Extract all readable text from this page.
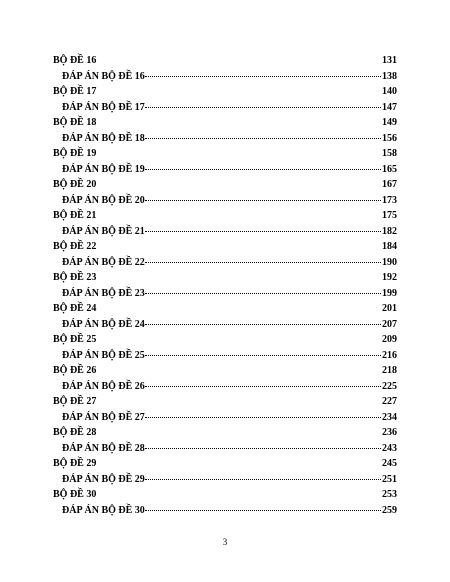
BỘ ĐỀ 16	131
ĐÁP ÁN BỘ ĐỀ 16	138
BỘ ĐỀ 17	140
ĐÁP ÁN BỘ ĐỀ 17	147
BỘ ĐỀ 18	149
ĐÁP ÁN BỘ ĐỀ 18	156
BỘ ĐỀ 19	158
ĐÁP ÁN BỘ ĐỀ 19	165
BỘ ĐỀ 20	167
ĐÁP ÁN BỘ ĐỀ 20	173
BỘ ĐỀ 21	175
ĐÁP ÁN BỘ ĐỀ 21	182
BỘ ĐỀ 22	184
ĐÁP ÁN BỘ ĐỀ 22	190
BỘ ĐỀ 23	192
ĐÁP ÁN BỘ ĐỀ 23	199
BỘ ĐỀ 24	201
ĐÁP ÁN BỘ ĐỀ 24	207
BỘ ĐỀ 25	209
ĐÁP ÁN BỘ ĐỀ 25	216
BỘ ĐỀ 26	218
ĐÁP ÁN BỘ ĐỀ 26	225
BỘ ĐỀ 27	227
ĐÁP ÁN BỘ ĐỀ 27	234
BỘ ĐỀ 28	236
ĐÁP ÁN BỘ ĐỀ 28	243
BỘ ĐỀ 29	245
ĐÁP ÁN BỘ ĐỀ 29	251
BỘ ĐỀ 30	253
ĐÁP ÁN BỘ ĐỀ 30	259
3
